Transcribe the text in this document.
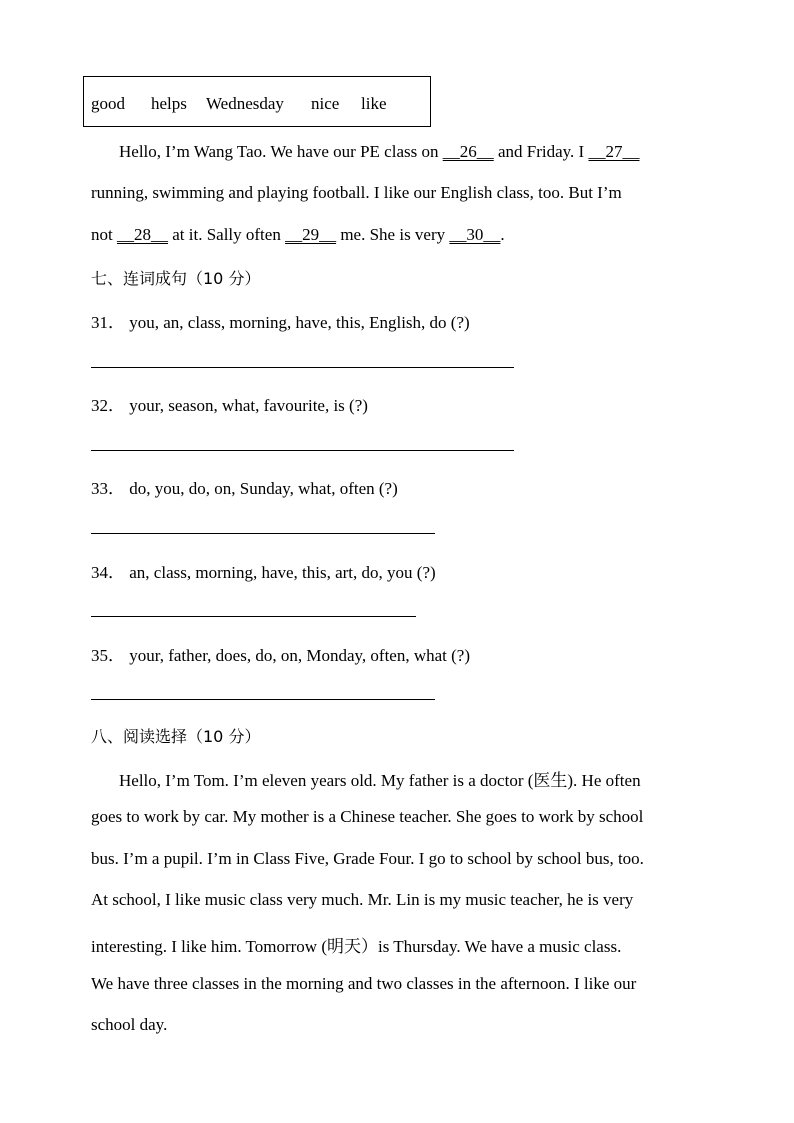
good helps Wednesday nice like
Hello, I’m Wang Tao. We have our PE class on __26__ and Friday. I __27__
running, swimming and playing football. I like our English class, too. But I’m
not __28__ at it. Sally often __29__ me. She is very __30__.
七、连词成句（10 分）
31． you, an, class, morning, have, this, English, do (?)
32． your, season, what, favourite, is (?)
33． do, you, do, on, Sunday, what, often (?)
34． an, class, morning, have, this, art, do, you (?)
35． your, father, does, do, on, Monday, often, what (?)
八、阅读选择（10 分）
Hello, I’m Tom. I’m eleven years old. My father is a doctor (医生). He often
goes to work by car. My mother is a Chinese teacher. She goes to work by school
bus. I’m a pupil. I’m in Class Five, Grade Four. I go to school by school bus, too.
At school, I like music class very much. Mr. Lin is my music teacher, he is very
interesting. I like him. Tomorrow (明天）is Thursday. We have a music class.
We have three classes in the morning and two classes in the afternoon. I like our
school day.
